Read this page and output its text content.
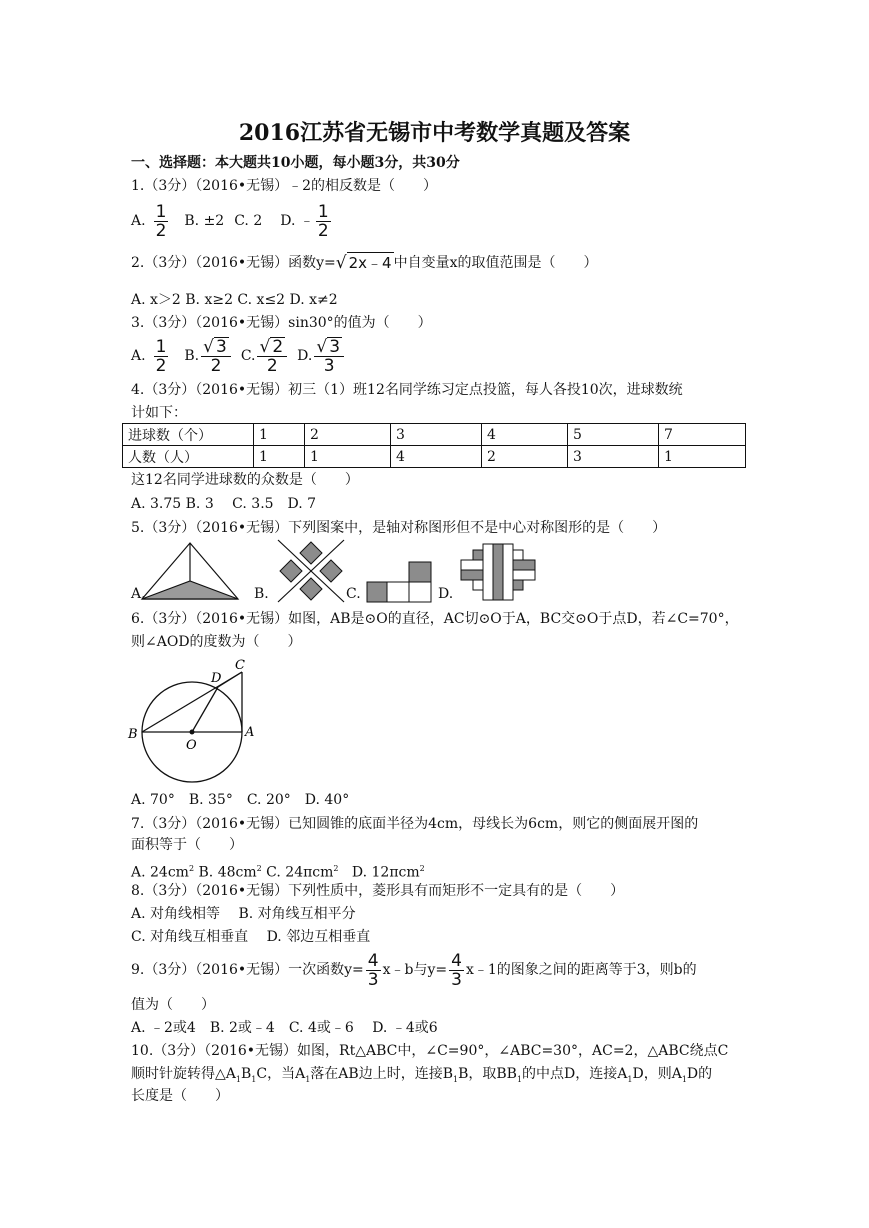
2016江苏省无锡市中考数学真题及答案
一、选择题：本大题共10小题，每小题3分，共30分
1.（3分）（2016•无锡）﹣2的相反数是（　　）
A. $\frac{1}{2} B$. ±2 C. 2 D. ﹣ $\frac{1}{2}$
2.（3分）（2016•无锡）函数y= √ 2x﹣4 中自变量x的取值范围是（　　）
A. x＞2 B. x≥2 C. x≤2 D. x≠2
3.（3分）（2016•无锡）sin30°的值为（　　）
A. $\frac{1}{2} B$. $\frac{√ 3}{2} C$. $\frac{√ 2}{2} D$. $\frac{√ 3}{3}$
4.（3分）（2016•无锡）初三（1）班12名同学练习定点投篮，每人各投10次，进球数统
计如下：
进球数（个）	1	2	3	4	5	7
人数（人）	1	1	4	2	3	1
这12名同学进球数的众数是（　　）
A. 3.75 B. 3　 C. 3.5　D. 7
5.（3分）（2016•无锡）下列图案中，是轴对称图形但不是中心对称图形的是（　　）
A.	B.	C.	D.
6.（3分）（2016•无锡）如图，AB是⊙O的直径，AC切⊙O于A，BC交⊙O于点D，若∠C=70°，
则∠AOD的度数为（　　）
B	A
C
D
O
A. 70°　B. 35°　C. 20°　D. 40°
7.（3分）（2016•无锡）已知圆锥的底面半径为4cm，母线长为6cm，则它的侧面展开图的
面积等于（　　）
A. $24cm^2$ B. $48cm^2$ C. 24πcm$^2$ D. 12πcm$^2$
8.（3分）（2016•无锡）下列性质中，菱形具有而矩形不一定具有的是（　　）
A. 对角线相等　 B. 对角线互相平分
C. 对角线互相垂直　 D. 邻边互相垂直
9.（3分）（2016•无锡）一次函数$y= \frac{4}{3}$ x﹣b与$y= \frac{4}{3}$ x﹣1的图象之间的距离等于3，则b的
值为（　　）
A. ﹣2或4　B. 2或﹣4　C. 4或﹣6　 D. ﹣4或6
10.（3分）（2016•无锡）如图，Rt△ABC中，∠C=90°，∠ABC=30°，AC=2，△ABC绕点C
顺时针旋转得$\triangle A_1B_1C$，当$A_1$落在AB边上时，连接$B_1B$，取$BB_1$的中点D，连接$A_1D$，则$A_1D$的
长度是（　　）
